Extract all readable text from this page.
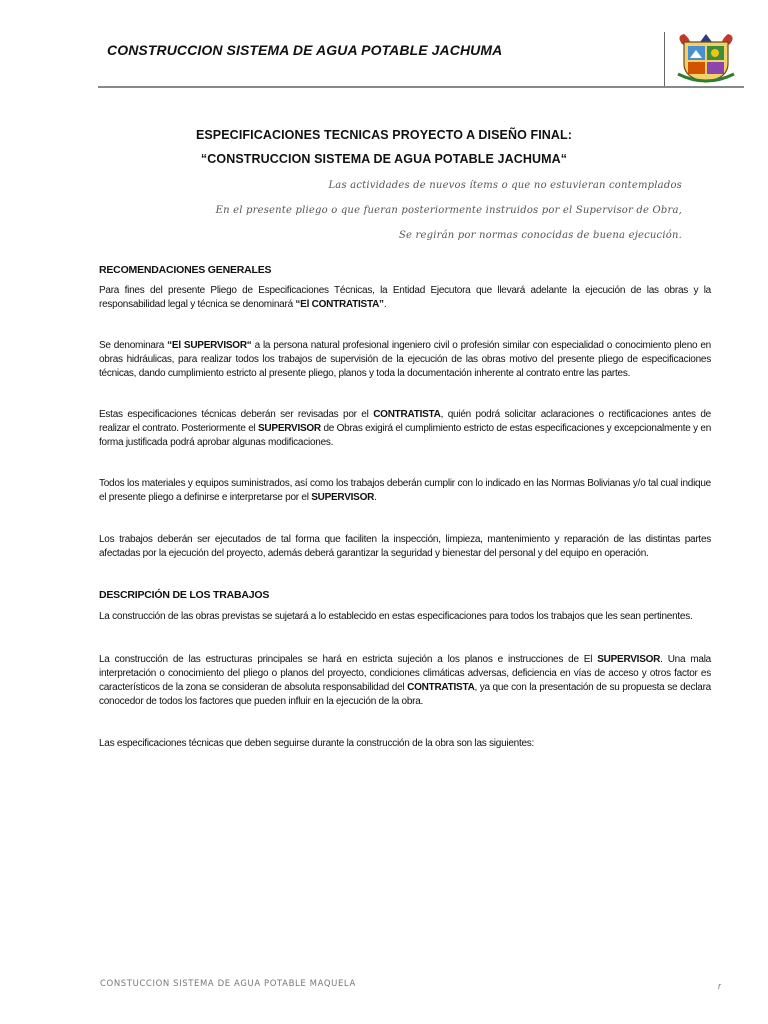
CONSTRUCCION SISTEMA DE AGUA POTABLE JACHUMA
ESPECIFICACIONES TECNICAS PROYECTO A DISEÑO FINAL:
“CONSTRUCCION SISTEMA DE AGUA POTABLE JACHUMA“
Las actividades de nuevos ítems o que no estuvieran contemplados
En el presente pliego o que fueran posteriormente instruidos por el Supervisor de Obra,
Se regirán por normas conocidas de buena ejecución.
RECOMENDACIONES GENERALES
Para fines del presente Pliego de Especificaciones Técnicas, la Entidad Ejecutora que llevará adelante la ejecución de las obras y la responsabilidad legal y técnica se denominará “El CONTRATISTA”.
Se denominara “El SUPERVISOR“ a la persona natural profesional ingeniero civil o profesión similar con especialidad o conocimiento pleno en obras hidráulicas, para realizar todos los trabajos de supervisión de la ejecución de las obras motivo del presente pliego de especificaciones técnicas, dando cumplimiento estricto al presente pliego, planos y toda la documentación inherente al contrato entre las partes.
Estas especificaciones técnicas deberán ser revisadas por el CONTRATISTA, quién podrá solicitar aclaraciones o rectificaciones antes de realizar el contrato. Posteriormente el SUPERVISOR de Obras exigirá el cumplimiento estricto de estas especificaciones y excepcionalmente y en forma justificada podrá aprobar algunas modificaciones.
Todos los materiales y equipos suministrados, así como los trabajos deberán cumplir con lo indicado en las Normas Bolivianas y/o tal cual indique el presente pliego a definirse e interpretarse por el SUPERVISOR.
Los trabajos deberán ser ejecutados de tal forma que faciliten la inspección, limpieza, mantenimiento y reparación de las distintas partes afectadas por la ejecución del proyecto, además deberá garantizar la seguridad y bienestar del personal y del equipo en operación.
DESCRIPCIÓN DE LOS TRABAJOS
La construcción de las obras previstas se sujetará a lo establecido en estas especificaciones para todos los trabajos que les sean pertinentes.
La construcción de las estructuras principales se hará en estricta sujeción a los planos e instrucciones de El SUPERVISOR. Una mala interpretación o conocimiento del pliego o planos del proyecto, condiciones climáticas adversas, deficiencia en vías de acceso y otros factor es característicos de la zona se consideran de absoluta responsabilidad del CONTRATISTA, ya que con la presentación de su propuesta se declara conocedor de todos los factores que pueden influir en la ejecución de la obra.
Las especificaciones técnicas que deben seguirse durante la construcción de la obra son las siguientes:
CONSTUCCION SISTEMA DE AGUA POTABLE MAQUELA	r
